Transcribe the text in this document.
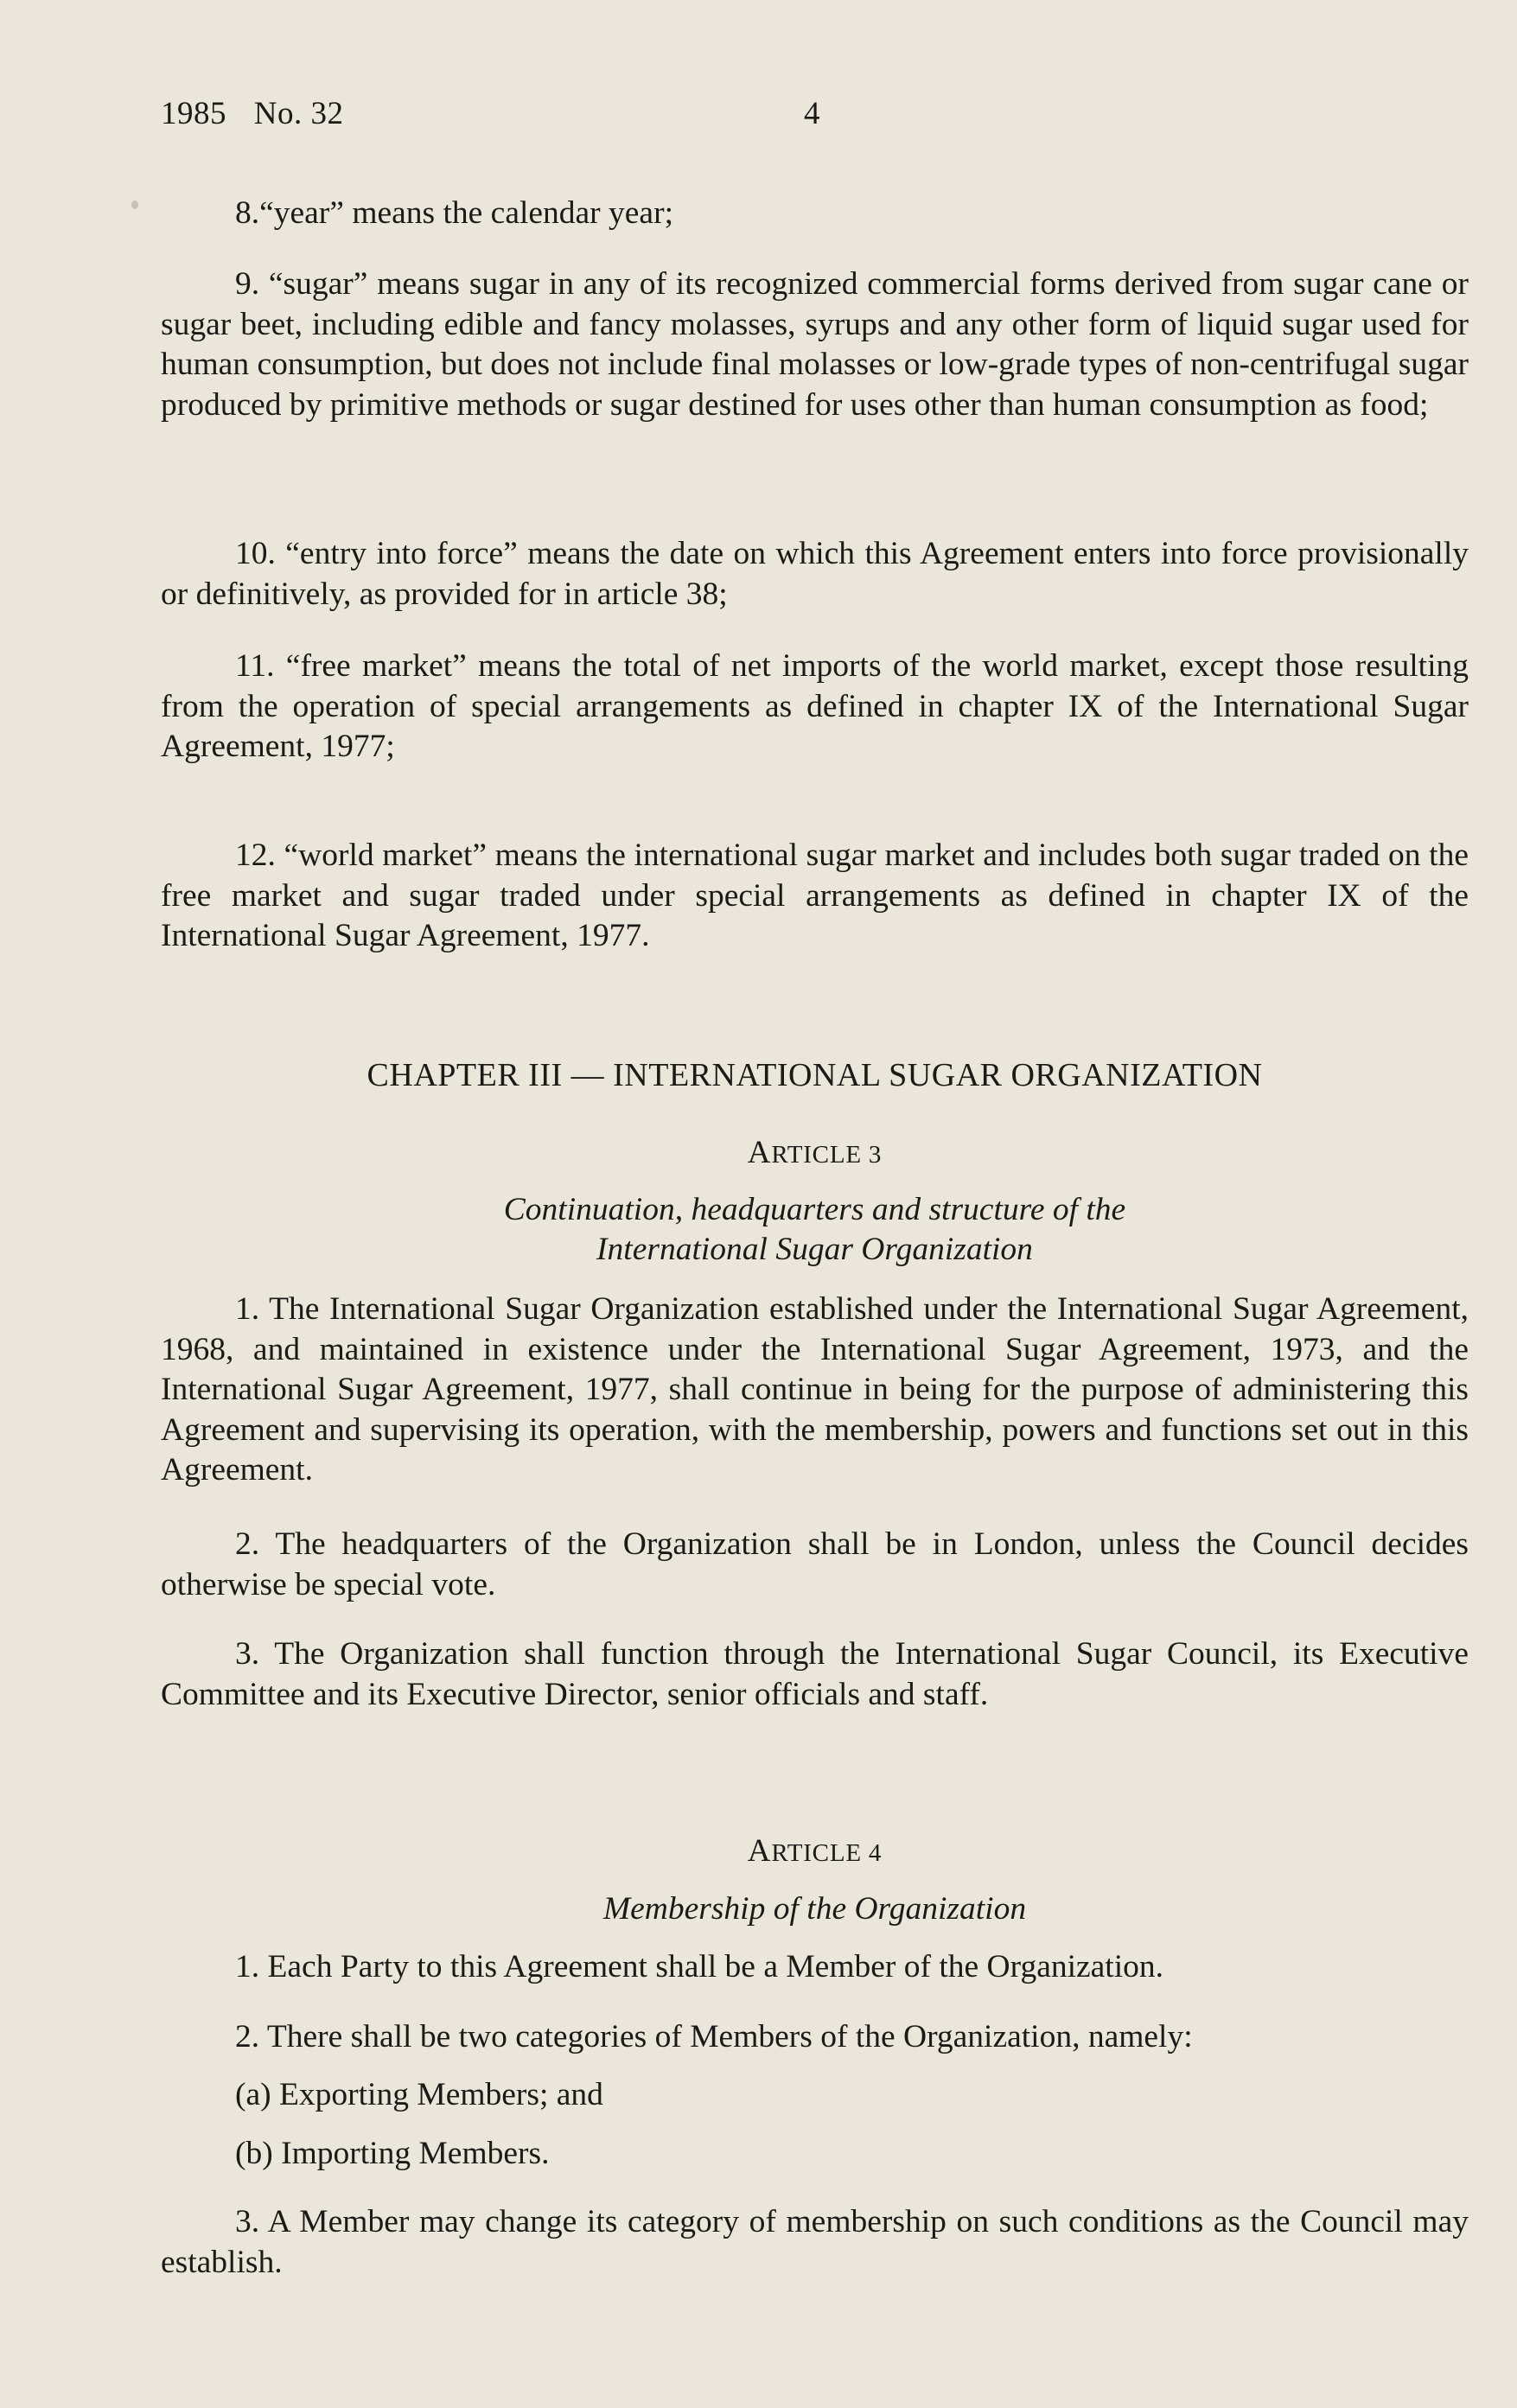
1985 No. 32	4

8.“year” means the calendar year;

9. “sugar” means sugar in any of its recognized commercial forms derived from sugar cane or sugar beet, including edible and fancy molasses, syrups and any other form of liquid sugar used for human consumption, but does not include final molasses or low-grade types of non-centrifugal sugar produced by primitive methods or sugar destined for uses other than human consumption as food;

10. “entry into force” means the date on which this Agreement enters into force provisionally or definitively, as provided for in article 38;

11. “free market” means the total of net imports of the world market, except those resulting from the operation of special arrangements as defined in chapter IX of the International Sugar Agreement, 1977;

12. “world market” means the international sugar market and includes both sugar traded on the free market and sugar traded under special arrangements as defined in chapter IX of the International Sugar Agreement, 1977.

CHAPTER III — INTERNATIONAL SUGAR ORGANIZATION

ARTICLE 3

Continuation, headquarters and structure of the

International Sugar Organization

1. The International Sugar Organization established under the International Sugar Agreement, 1968, and maintained in existence under the International Sugar Agreement, 1973, and the International Sugar Agreement, 1977, shall continue in being for the purpose of administering this Agreement and supervising its operation, with the membership, powers and functions set out in this Agreement.

2. The headquarters of the Organization shall be in London, unless the Council decides otherwise be special vote.

3. The Organization shall function through the International Sugar Council, its Executive Committee and its Executive Director, senior officials and staff.

ARTICLE 4

Membership of the Organization

1. Each Party to this Agreement shall be a Member of the Organization.

2. There shall be two categories of Members of the Organization, namely:

(a) Exporting Members; and

(b) Importing Members.

3. A Member may change its category of membership on such conditions as the Council may establish.
